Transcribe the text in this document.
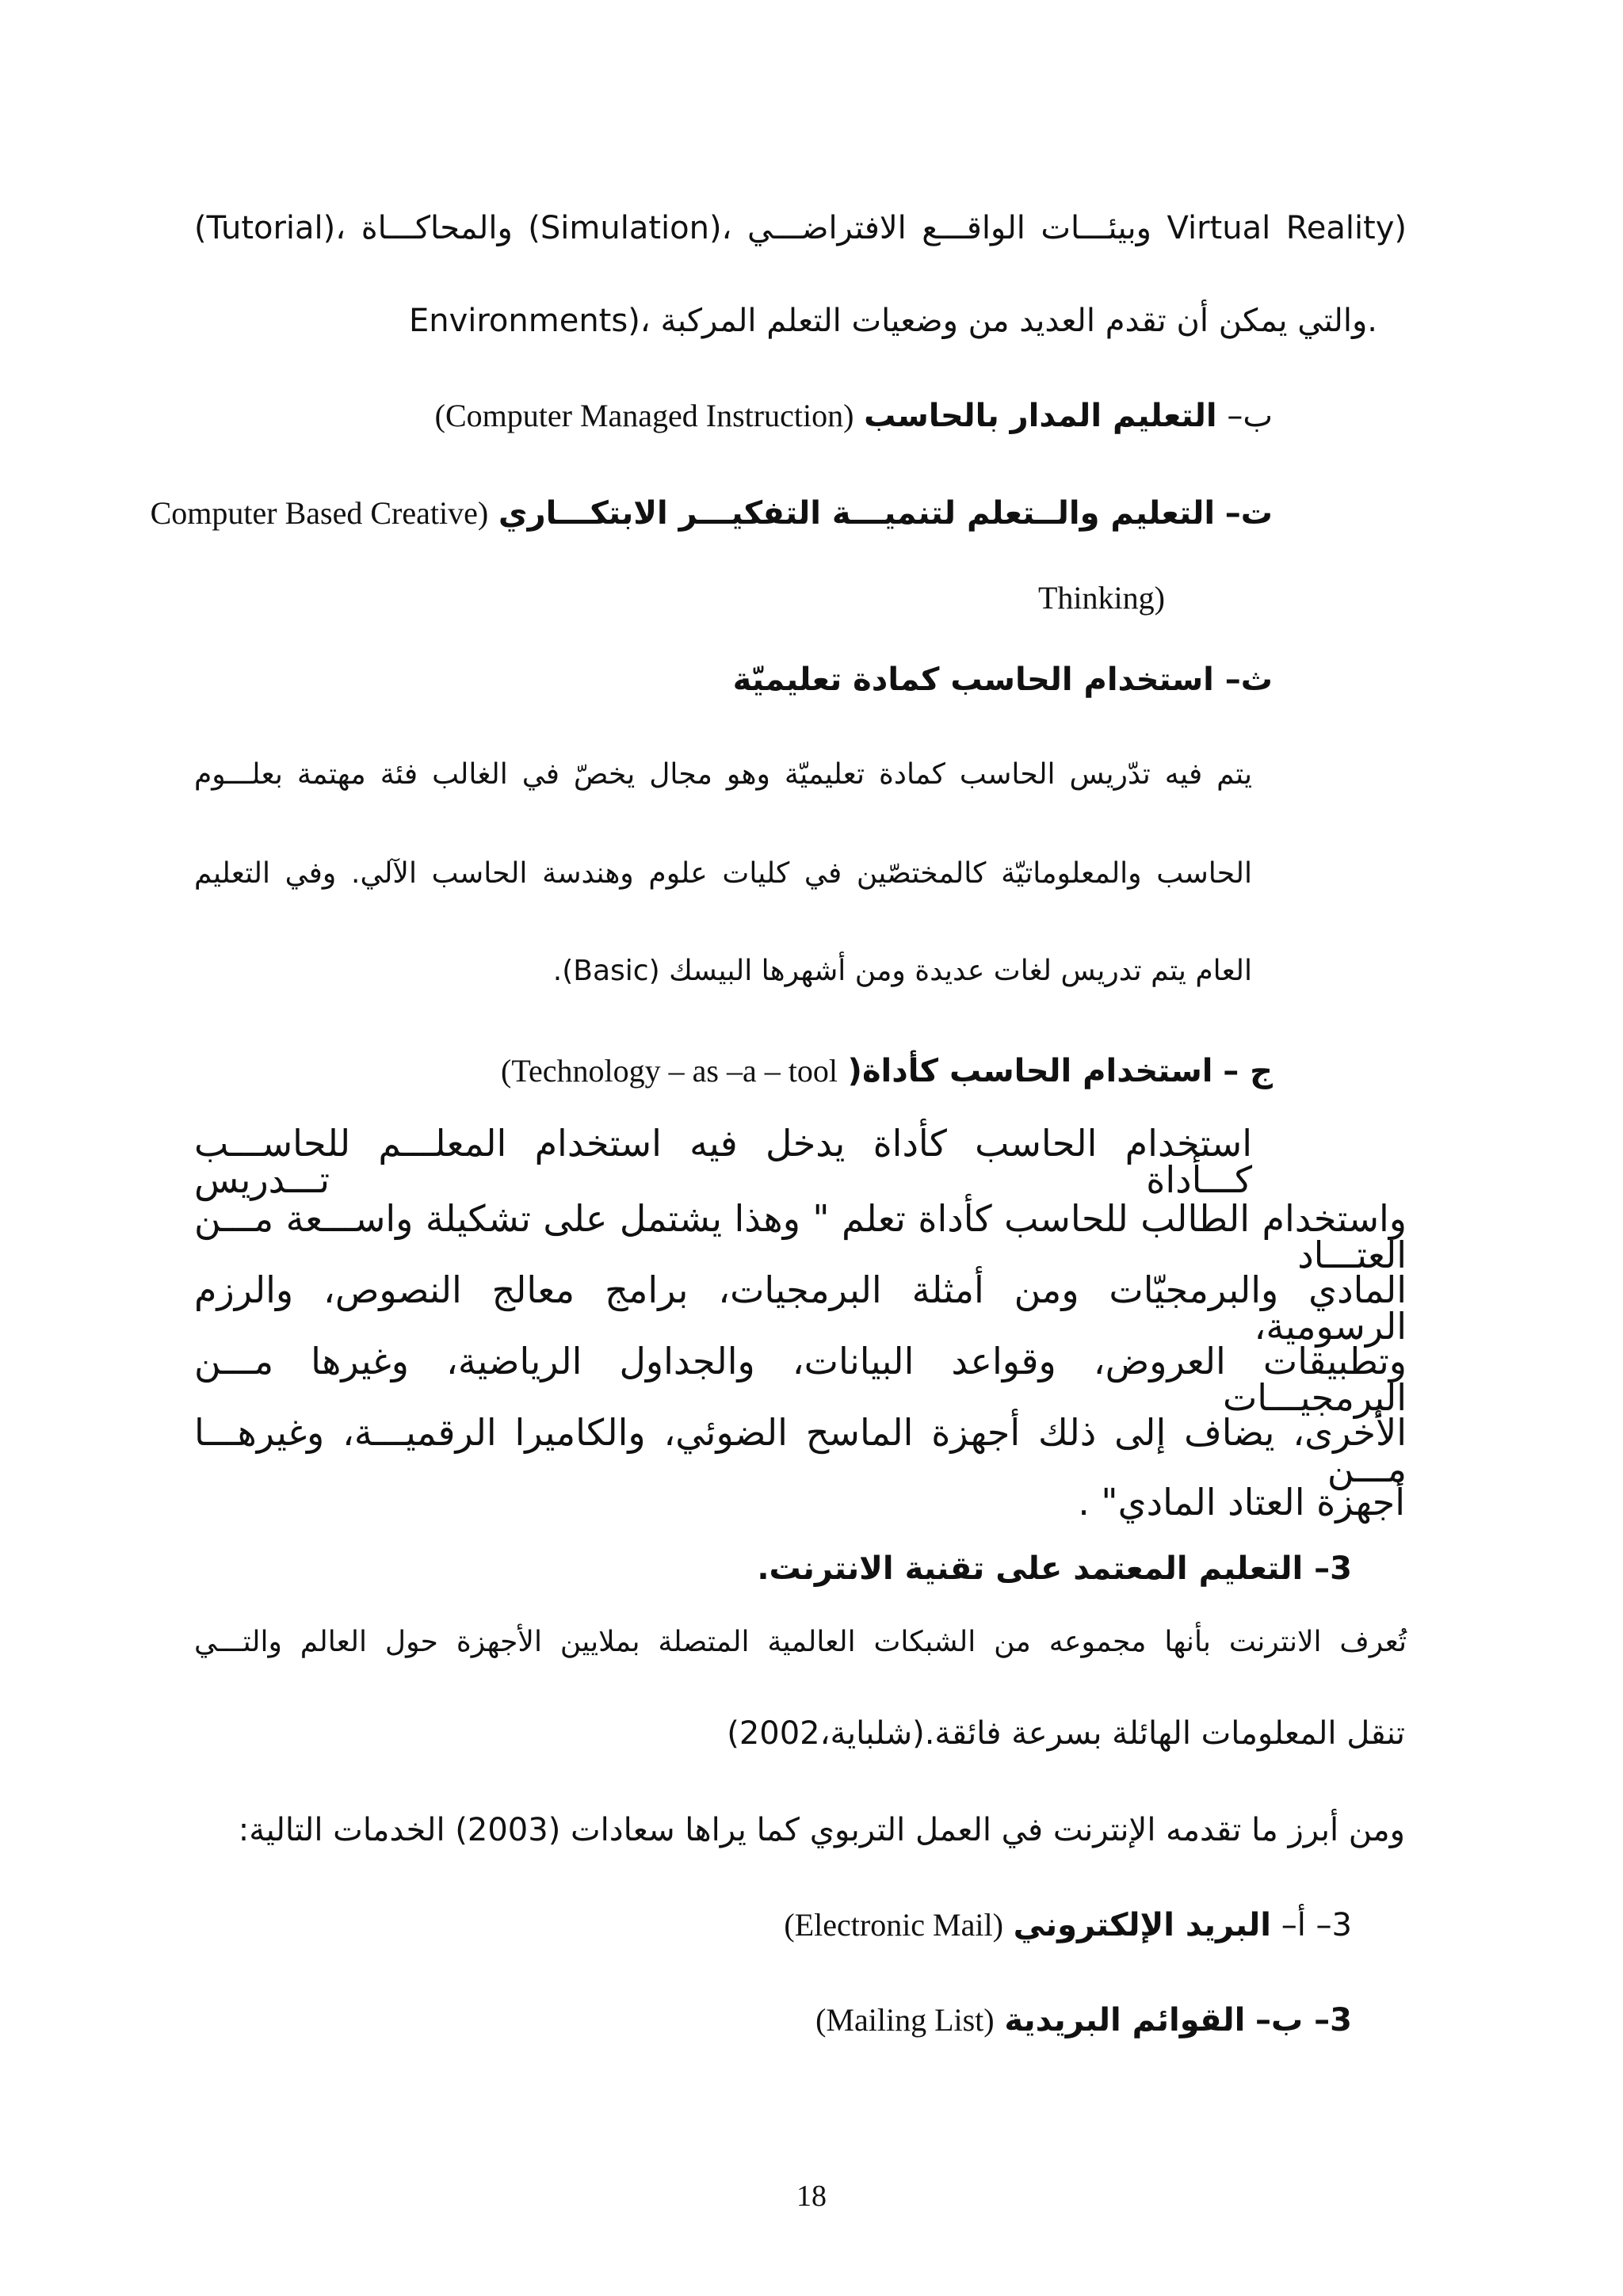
(Tutorial)، والمحاكـــاة (Simulation)، وبيئـــات الواقـــع الافتراضـــي Virtual Reality)
Environments)، والتي يمكن أن تقدم العديد من وضعيات التعلم المركبة.
ب– التعليم المدار بالحاسب (Computer Managed Instruction)
ت– التعليم والــتعلم لتنميـــة التفكيـــر الابتكـــاري (Computer Based Creative
Thinking)
ث– استخدام الحاسب كمادة تعليميّة
يتم فيه تدّريس الحاسب كمادة تعليميّة وهو مجال يخصّ في الغالب فئة مهتمة بعلـــوم
الحاسب والمعلوماتيّة كالمختصّين في كليات علوم وهندسة الحاسب الآلي. وفي التعليم
العام يتم تدريس لغات عديدة ومن أشهرها البيسك (Basic).
ج – استخدام الحاسب كأداة( Technology – as –a – tool)
استخدام الحاسب كأداة يدخل فيه استخدام المعلـــم للحاســـب كـــأداة تـــدريس
واستخدام الطالب للحاسب كأداة تعلم " وهذا يشتمل على تشكيلة واســـعة مـــن العتـــاد
المادي والبرمجيّات ومن أمثلة البرمجيات، برامج معالج النصوص، والرزم الرسومية،
وتطبيقات العروض، وقواعد البيانات، والجداول الرياضية، وغيرها مـــن البرمجيـــات
الأخرى، يضاف إلى ذلك أجهزة الماسح الضوئي، والكاميرا الرقميـــة، وغيرهـــا مـــن
أجهزة العتاد المادي" .
3– التعليم المعتمد على تقنية الانترنت.
تُعرف الانترنت بأنها مجموعه من الشبكات العالمية المتصلة بملايين الأجهزة حول العالم والتـــي
تنقل المعلومات الهائلة بسرعة فائقة.(شلباية،2002)
ومن أبرز ما تقدمه الإنترنت في العمل التربوي كما يراها سعادات (2003) الخدمات التالية:
3– أ– البريد الإلكتروني (Electronic Mail)
3– ب– القوائم البريدية (Mailing List)
18
